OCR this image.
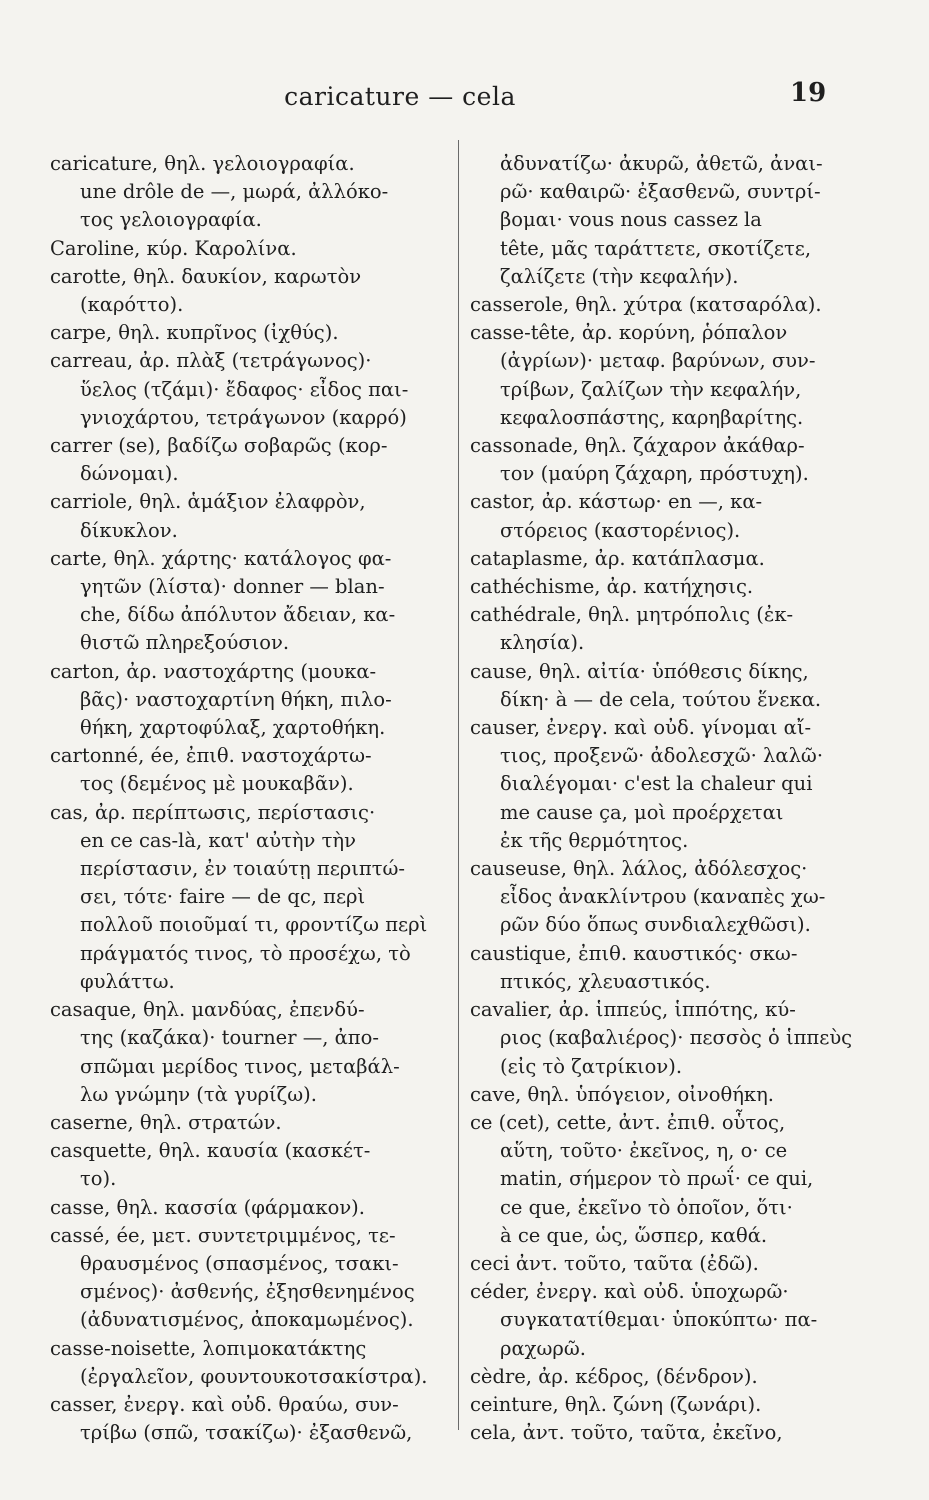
caricature — cela	19
caricature, θηλ. γελοιογραφία.
une drôle de —, μωρά, ἀλλόκο-
τος γελοιογραφία.
Caroline, κύρ. Καρολίνα.
carotte, θηλ. δαυκίον, καρωτὸν
(καρόττο).
carpe, θηλ. κυπρῖνος (ἰχθύς).
carreau, ἀρ. πλὰξ (τετράγωνος)·
ὕελος (τζάμι)· ἔδαφος· εἶδος παι-
γνιοχάρτου, τετράγωνον (καρρό)
carrer (se), βαδίζω σοβαρῶς (κορ-
δώνομαι).
carriole, θηλ. ἁμάξιον ἐλαφρὸν,
δίκυκλον.
carte, θηλ. χάρτης· κατάλογος φα-
γητῶν (λίστα)· donner — blan-
che, δίδω ἀπόλυτον ἄδειαν, κα-
θιστῶ πληρεξούσιον.
carton, ἀρ. ναστοχάρτης (μουκα-
βᾶς)· ναστοχαρτίνη θήκη, πιλο-
θήκη, χαρτοφύλαξ, χαρτοθήκη.
cartonné, ée, ἐπιθ. ναστοχάρτω-
τος (δεμένος μὲ μουκαβᾶν).
cas, ἀρ. περίπτωσις, περίστασις·
en ce cas-là, κατ' αὐτὴν τὴν
περίστασιν, ἐν τοιαύτῃ περιπτώ-
σει, τότε· faire — de qc, περὶ
πολλοῦ ποιοῦμαί τι, φροντίζω περὶ
πράγματός τινος, τὸ προσέχω, τὸ
φυλάττω.
casaque, θηλ. μανδύας, ἐπενδύ-
της (καζάκα)· tourner —, ἀπο-
σπῶμαι μερίδος τινος, μεταβάλ-
λω γνώμην (τὰ γυρίζω).
caserne, θηλ. στρατών.
casquette, θηλ. καυσία (κασκέτ-
το).
casse, θηλ. κασσία (φάρμακον).
cassé, ée, μετ. συντετριμμένος, τε-
θραυσμένος (σπασμένος, τσακι-
σμένος)· ἀσθενής, ἐξησθενημένος
(ἀδυνατισμένος, ἀποκαμωμένος).
casse-noisette, λοπιμοκατάκτης
(ἐργαλεῖον, φουντουκοτσακίστρα).
casser, ἐνεργ. καὶ οὐδ. θραύω, συν-
τρίβω (σπῶ, τσακίζω)· ἐξασθενῶ,
ἀδυνατίζω· ἀκυρῶ, ἀθετῶ, ἀναι-
ρῶ· καθαιρῶ· ἐξασθενῶ, συντρί-
βομαι· vous nous cassez la
tête, μᾶς ταράττετε, σκοτίζετε,
ζαλίζετε (τὴν κεφαλήν).
casserole, θηλ. χύτρα (κατσαρόλα).
casse-tête, ἀρ. κορύνη, ῥόπαλον
(ἀγρίων)· μεταφ. βαρύνων, συν-
τρίβων, ζαλίζων τὴν κεφαλήν,
κεφαλοσπάστης, καρηβαρίτης.
cassonade, θηλ. ζάχαρον ἀκάθαρ-
τον (μαύρη ζάχαρη, πρόστυχη).
castor, ἀρ. κάστωρ· en —, κα-
στόρειος (καστορένιος).
cataplasme, ἀρ. κατάπλασμα.
cathéchisme, ἀρ. κατήχησις.
cathédrale, θηλ. μητρόπολις (ἐκ-
κλησία).
cause, θηλ. αἰτία· ὑπόθεσις δίκης,
δίκη· à — de cela, τούτου ἕνεκα.
causer, ἐνεργ. καὶ οὐδ. γίνομαι αἴ-
τιος, προξενῶ· ἀδολεσχῶ· λαλῶ·
διαλέγομαι· c'est la chaleur qui
me cause ça, μοὶ προέρχεται
ἐκ τῆς θερμότητος.
causeuse, θηλ. λάλος, ἀδόλεσχος·
εἶδος ἀνακλίντρου (καναπὲς χω-
ρῶν δύο ὅπως συνδιαλεχθῶσι).
caustique, ἐπιθ. καυστικός· σκω-
πτικός, χλευαστικός.
cavalier, ἀρ. ἱππεύς, ἱππότης, κύ-
ριος (καβαλιέρος)· πεσσὸς ὁ ἱππεὺς
(εἰς τὸ ζατρίκιον).
cave, θηλ. ὑπόγειον, οἰνοθήκη.
ce (cet), cette, ἀντ. ἐπιθ. οὗτος,
αὕτη, τοῦτο· ἐκεῖνος, η, ο· ce
matin, σήμερον τὸ πρωΐ· ce qui,
ce que, ἐκεῖνο τὸ ὁποῖον, ὅτι·
à ce que, ὡς, ὥσπερ, καθά.
ceci ἀντ. τοῦτο, ταῦτα (ἐδῶ).
céder, ἐνεργ. καὶ οὐδ. ὑποχωρῶ·
συγκατατίθεμαι· ὑποκύπτω· πα-
ραχωρῶ.
cèdre, ἀρ. κέδρος, (δένδρον).
ceinture, θηλ. ζώνη (ζωνάρι).
cela, ἀντ. τοῦτο, ταῦτα, ἐκεῖνο,
